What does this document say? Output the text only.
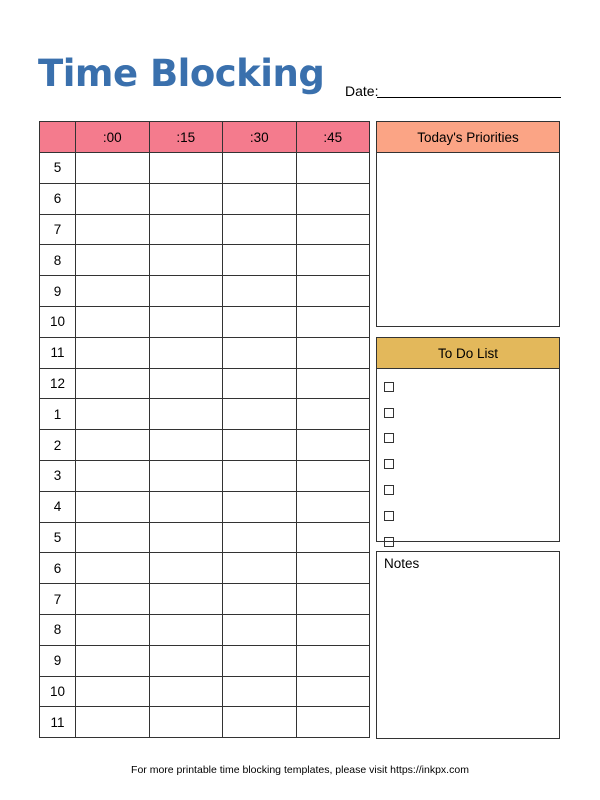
Time Blocking Date:
	:00	:15	:30	:45
5				
6				
7				
8				
9				
10				
11				
12				
1				
2				
3				
4				
5				
6				
7				
8				
9				
10				
11				
Today's Priorities
To Do List
Notes
For more printable time blocking templates, please visit https://inkpx.com
